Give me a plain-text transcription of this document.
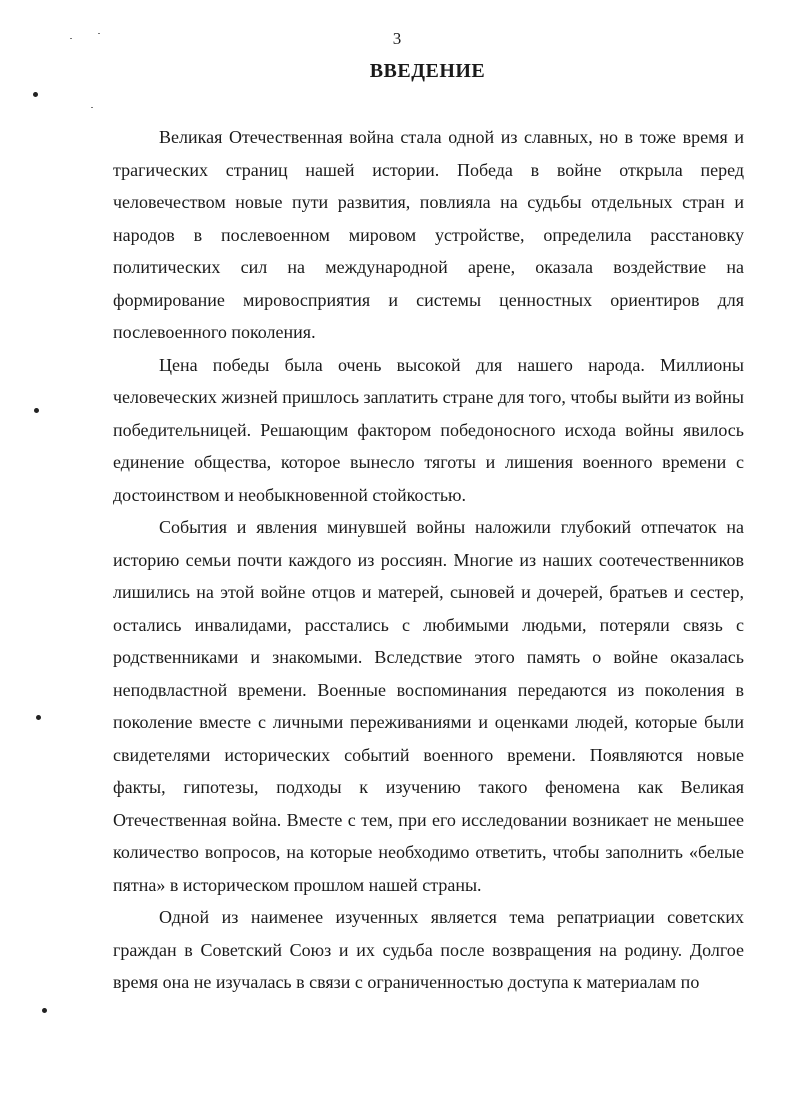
3
ВВЕДЕНИЕ

Великая Отечественная война стала одной из славных, но в тоже время и трагических страниц нашей истории. Победа в войне открыла перед человечеством новые пути развития, повлияла на судьбы отдельных стран и народов в послевоенном мировом устройстве, определила расстановку политических сил на международной арене, оказала воздействие на формирование мировосприятия и системы ценностных ориентиров для послевоенного поколения.

Цена победы была очень высокой для нашего народа. Миллионы человеческих жизней пришлось заплатить стране для того, чтобы выйти из войны победительницей. Решающим фактором победоносного исхода войны явилось единение общества, которое вынесло тяготы и лишения военного времени с достоинством и необыкновенной стойкостью.

События и явления минувшей войны наложили глубокий отпечаток на историю семьи почти каждого из россиян. Многие из наших соотечественников лишились на этой войне отцов и матерей, сыновей и дочерей, братьев и сестер, остались инвалидами, расстались с любимыми людьми, потеряли связь с родственниками и знакомыми. Вследствие этого память о войне оказалась неподвластной времени. Военные воспоминания передаются из поколения в поколение вместе с личными переживаниями и оценками людей, которые были свидетелями исторических событий военного времени. Появляются новые факты, гипотезы, подходы к изучению такого феномена как Великая Отечественная война. Вместе с тем, при его исследовании возникает не меньшее количество вопросов, на которые необходимо ответить, чтобы заполнить «белые пятна» в историческом прошлом нашей страны.

Одной из наименее изученных является тема репатриации советских граждан в Советский Союз и их судьба после возвращения на родину. Долгое время она не изучалась в связи с ограниченностью доступа к материалам по
